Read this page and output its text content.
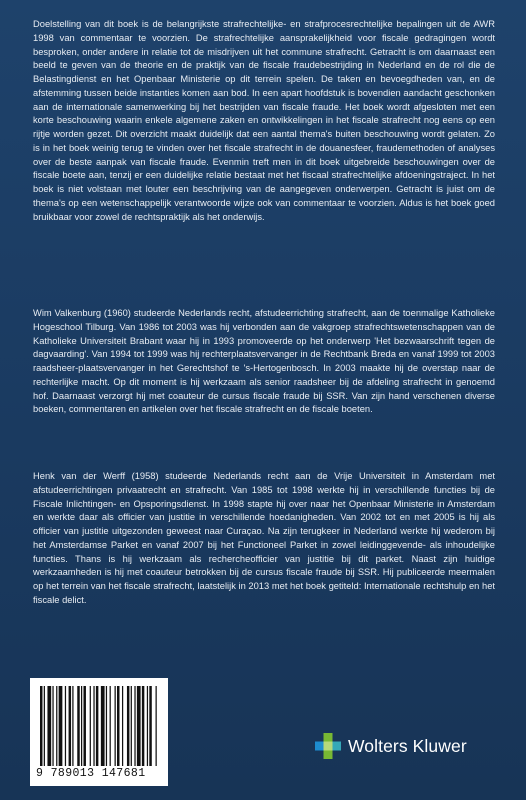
Doelstelling van dit boek is de belangrijkste strafrechtelijke- en strafprocesrechtelijke bepalingen uit de AWR 1998 van commentaar te voorzien. De strafrechtelijke aansprakelijkheid voor fiscale gedragingen wordt besproken, onder andere in relatie tot de misdrijven uit het commune strafrecht. Getracht is om daarnaast een beeld te geven van de theorie en de praktijk van de fiscale fraudebestrijding in Nederland en de rol die de Belastingdienst en het Openbaar Ministerie op dit terrein spelen. De taken en bevoegdheden van, en de afstemming tussen beide instanties komen aan bod. In een apart hoofdstuk is bovendien aandacht geschonken aan de internationale samenwerking bij het bestrijden van fiscale fraude. Het boek wordt afgesloten met een korte beschouwing waarin enkele algemene zaken en ontwikkelingen in het fiscale strafrecht nog eens op een rijtje worden gezet. Dit overzicht maakt duidelijk dat een aantal thema's buiten beschouwing wordt gelaten. Zo is in het boek weinig terug te vinden over het fiscale strafrecht in de douanesfeer, fraudemethoden of analyses over de beste aanpak van fiscale fraude. Evenmin treft men in dit boek uitgebreide beschouwingen over de fiscale boete aan, tenzij er een duidelijke relatie bestaat met het fiscaal strafrechtelijke afdoeningstraject. In het boek is niet volstaan met louter een beschrijving van de aangegeven onderwerpen. Getracht is juist om de thema's op een wetenschappelijk verantwoorde wijze ook van commentaar te voorzien. Aldus is het boek goed bruikbaar voor zowel de rechtspraktijk als het onderwijs.

Wim Valkenburg (1960) studeerde Nederlands recht, afstudeerrichting strafrecht, aan de toenmalige Katholieke Hogeschool Tilburg. Van 1986 tot 2003 was hij verbonden aan de vakgroep strafrechtswetenschappen van de Katholieke Universiteit Brabant waar hij in 1993 promoveerde op het onderwerp 'Het bezwaarschrift tegen de dagvaarding'. Van 1994 tot 1999 was hij rechterplaatsvervanger in de Rechtbank Breda en vanaf 1999 tot 2003 raadsheer-plaatsvervanger in het Gerechtshof te 's-Hertogenbosch. In 2003 maakte hij de overstap naar de rechterlijke macht. Op dit moment is hij werkzaam als senior raadsheer bij de afdeling strafrecht in genoemd hof. Daarnaast verzorgt hij met coauteur de cursus fiscale fraude bij SSR. Van zijn hand verschenen diverse boeken, commentaren en artikelen over het fiscale strafrecht en de fiscale boeten.

Henk van der Werff (1958) studeerde Nederlands recht aan de Vrije Universiteit in Amsterdam met afstudeerrichtingen privaatrecht en strafrecht. Van 1985 tot 1998 werkte hij in verschillende functies bij de Fiscale Inlichtingen- en Opsporingsdienst. In 1998 stapte hij over naar het Openbaar Ministerie in Amsterdam en werkte daar als officier van justitie in verschillende hoedanigheden. Van 2002 tot en met 2005 is hij als officier van justitie uitgezonden geweest naar Curaçao. Na zijn terugkeer in Nederland werkte hij wederom bij het Amsterdamse Parket en vanaf 2007 bij het Functioneel Parket in zowel leidinggevende- als inhoudelijke functies. Thans is hij werkzaam als rechercheofficier van justitie bij dit parket. Naast zijn huidige werkzaamheden is hij met coauteur betrokken bij de cursus fiscale fraude bij SSR. Hij publiceerde meermalen op het terrein van het fiscale strafrecht, laatstelijk in 2013 met het boek getiteld: Internationale rechtshulp en het fiscale delict.

9 789013 147681
Wolters Kluwer
